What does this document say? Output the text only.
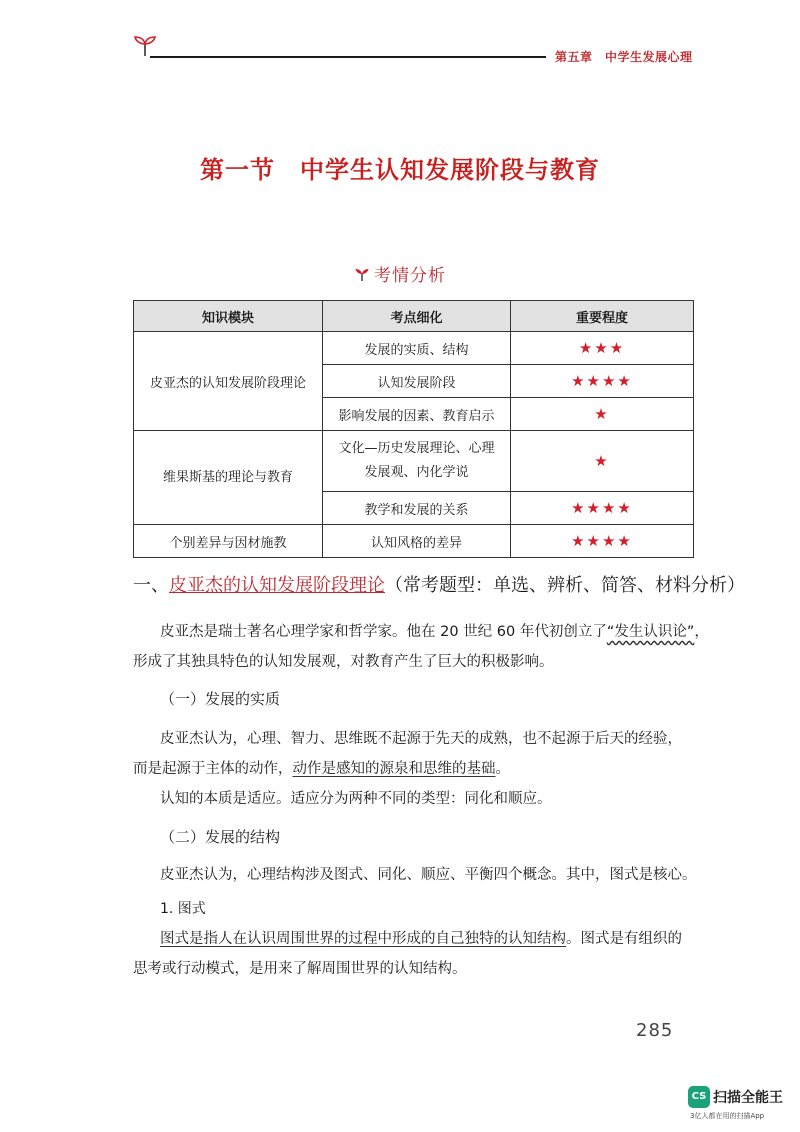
第五章　中学生发展心理
第一节　中学生认知发展阶段与教育
考情分析
知识模块	考点细化	重要程度
皮亚杰的认知发展阶段理论	发展的实质、结构	★★★
	认知发展阶段	★★★★
	影响发展的因素、教育启示	★
维果斯基的理论与教育	文化—历史发展理论、心理
发展观、内化学说	★
	教学和发展的关系	★★★★
个别差异与因材施教	认知风格的差异	★★★★
一、皮亚杰的认知发展阶段理论（常考题型：单选、辨析、简答、材料分析）
皮亚杰是瑞士著名心理学家和哲学家。他在 20 世纪 60 年代初创立了“发生认识论”，
形成了其独具特色的认知发展观，对教育产生了巨大的积极影响。
（一）发展的实质
皮亚杰认为，心理、智力、思维既不起源于先天的成熟，也不起源于后天的经验，
而是起源于主体的动作，动作是感知的源泉和思维的基础。
认知的本质是适应。适应分为两种不同的类型：同化和顺应。
（二）发展的结构
皮亚杰认为，心理结构涉及图式、同化、顺应、平衡四个概念。其中，图式是核心。
1. 图式
图式是指人在认识周围世界的过程中形成的自己独特的认知结构。图式是有组织的
思考或行动模式，是用来了解周围世界的认知结构。
285
CS 扫描全能王
3亿人都在用的扫描App
